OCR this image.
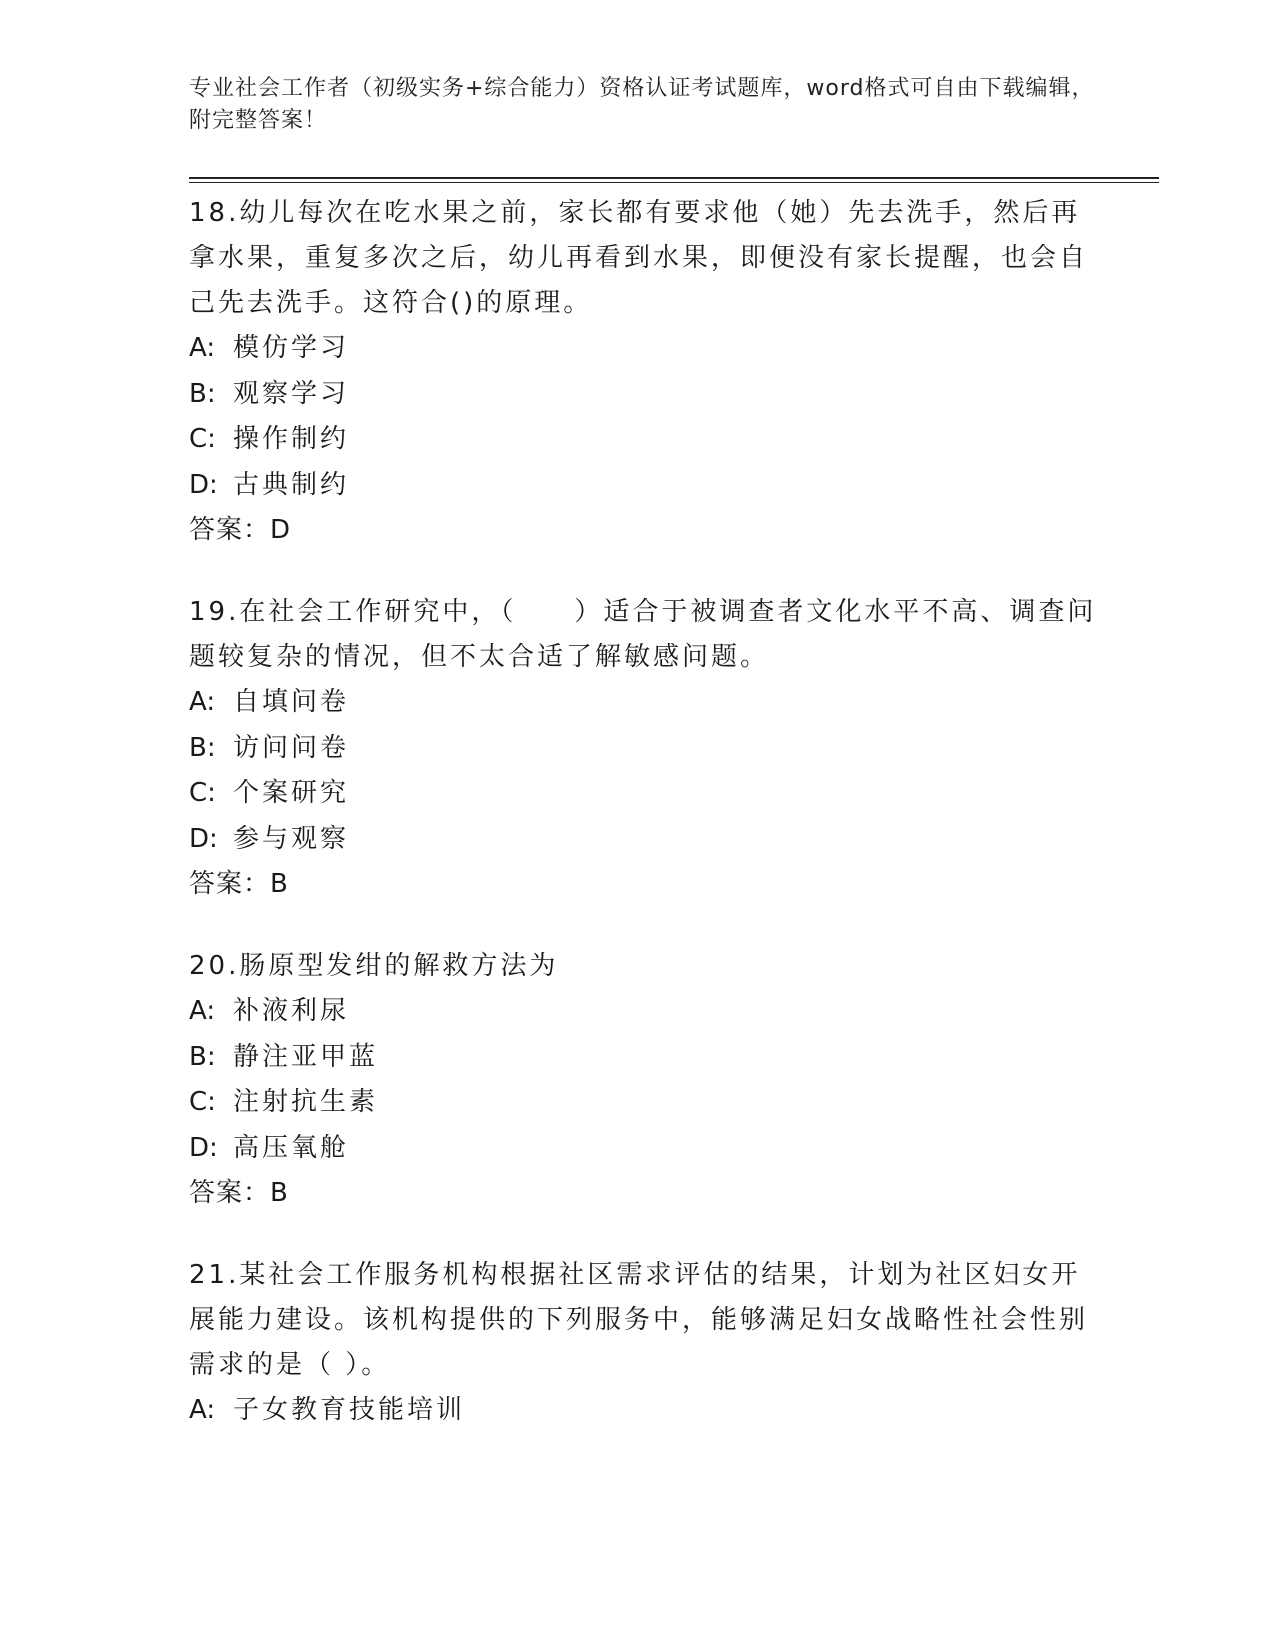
专业社会工作者（初级实务+综合能力）资格认证考试题库，word格式可自由下载编辑，附完整答案！

18.幼儿每次在吃水果之前，家长都有要求他（她）先去洗手，然后再拿水果，重复多次之后，幼儿再看到水果，即便没有家长提醒，也会自己先去洗手。这符合()的原理。

A: 模仿学习

B: 观察学习

C: 操作制约

D: 古典制约

答案：D

19.在社会工作研究中，（　　）适合于被调查者文化水平不高、调查问题较复杂的情况，但不太合适了解敏感问题。

A: 自填问卷

B: 访问问卷

C: 个案研究

D: 参与观察

答案：B

20.肠原型发绀的解救方法为

A: 补液利尿

B: 静注亚甲蓝

C: 注射抗生素

D: 高压氧舱

答案：B

21.某社会工作服务机构根据社区需求评估的结果，计划为社区妇女开展能力建设。该机构提供的下列服务中，能够满足妇女战略性社会性别需求的是（ ）。

A: 子女教育技能培训
